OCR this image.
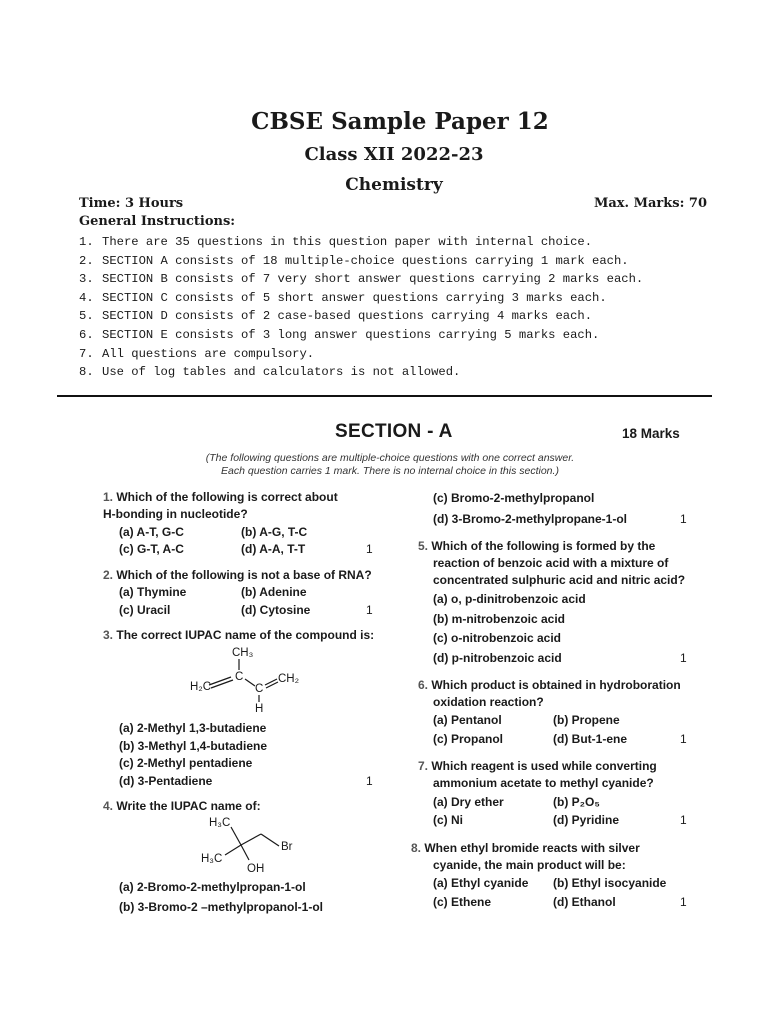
CBSE Sample Paper 12
Class XII 2022-23
Chemistry
Time: 3 Hours	Max. Marks: 70
General Instructions:
1. There are 35 questions in this question paper with internal choice.
2. SECTION A consists of 18 multiple-choice questions carrying 1 mark each.
3. SECTION B consists of 7 very short answer questions carrying 2 marks each.
4. SECTION C consists of 5 short answer questions carrying 3 marks each.
5. SECTION D consists of 2 case-based questions carrying 4 marks each.
6. SECTION E consists of 3 long answer questions carrying 5 marks each.
7. All questions are compulsory.
8. Use of log tables and calculators is not allowed.
SECTION - A	18 Marks
(The following questions are multiple-choice questions with one correct answer.
Each question carries 1 mark. There is no internal choice in this section.)
1. Which of the following is correct about
H-bonding in nucleotide?
(a) A-T, G-C	(b) A-G, T-C
(c) G-T, A-C	(d) A-A, T-T	1
2. Which of the following is not a base of RNA?
(a) Thymine	(b) Adenine
(c) Uracil	(d) Cytosine	1
3. The correct IUPAC name of the compound is:
CH₃
C
H₂C	C
CH₂
H
(a) 2-Methyl 1,3-butadiene
(b) 3-Methyl 1,4-butadiene
(c) 2-Methyl pentadiene
(d) 3-Pentadiene	1
4. Write the IUPAC name of:
H₃C
Br
H₃C
OH
(a) 2-Bromo-2-methylpropan-1-ol
(b) 3-Bromo-2 –methylpropanol-1-ol
(c) Bromo-2-methylpropanol
(d) 3-Bromo-2-methylpropane-1-ol	1
5. Which of the following is formed by the
reaction of benzoic acid with a mixture of
concentrated sulphuric acid and nitric acid?
(a) o, p-dinitrobenzoic acid
(b) m-nitrobenzoic acid
(c) o-nitrobenzoic acid
(d) p-nitrobenzoic acid	1
6. Which product is obtained in hydroboration
oxidation reaction?
(a) Pentanol	(b) Propene
(c) Propanol	(d) But-1-ene	1
7. Which reagent is used while converting
ammonium acetate to methyl cyanide?
(a) Dry ether	(b) P₂O₅
(c) Ni	(d) Pyridine	1
8. When ethyl bromide reacts with silver
cyanide, the main product will be:
(a) Ethyl cyanide (b) Ethyl isocyanide
(c) Ethene	(d) Ethanol	1
